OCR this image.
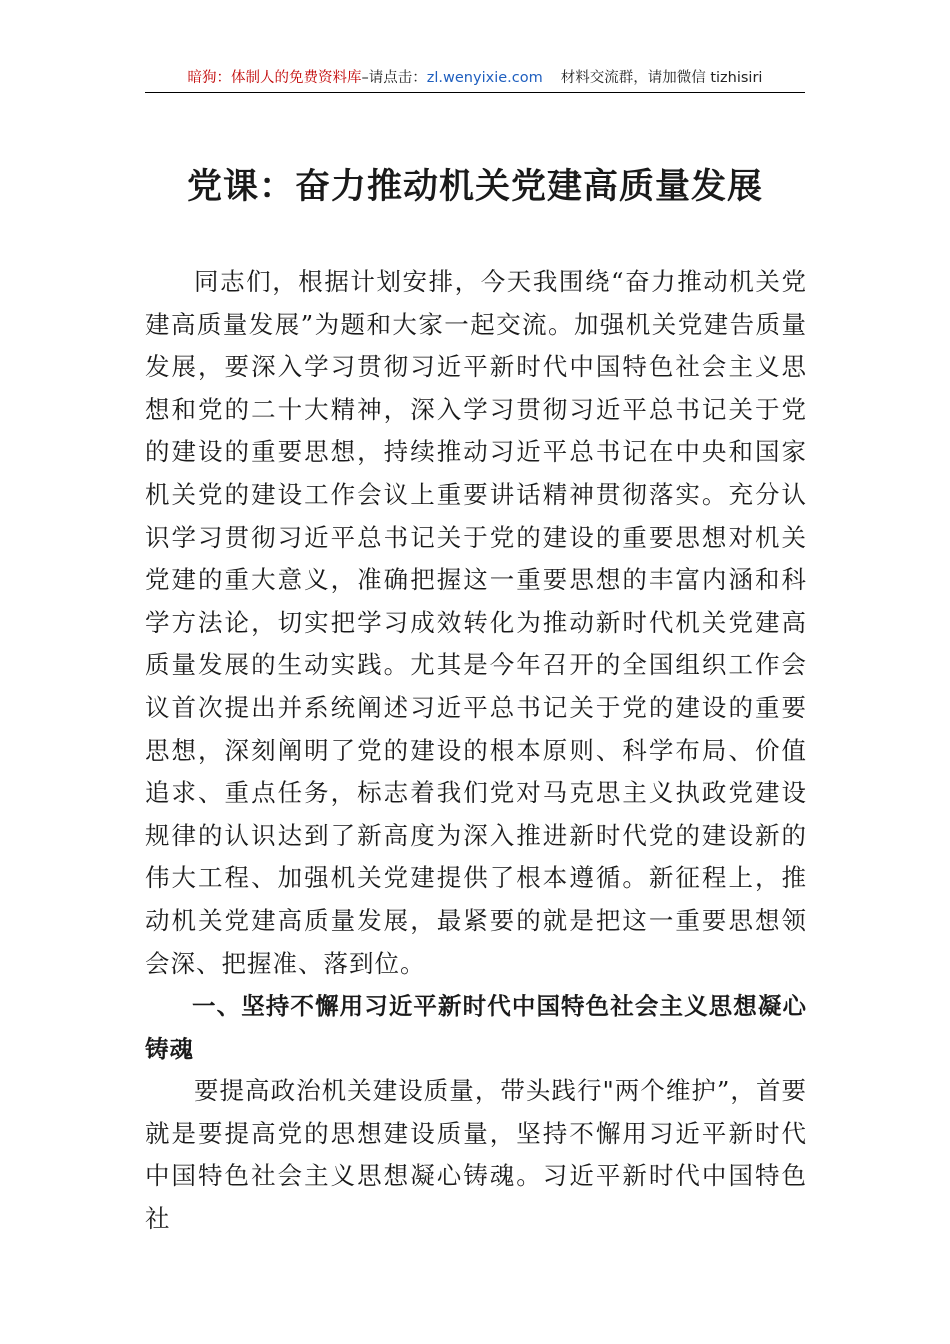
暗狗：体制人的免费资料库–请点击：zl.wenyixie.com 材料交流群，请加微信 tizhisiri
党课：奋力推动机关党建高质量发展

同志们，根据计划安排，今天我围绕“奋力推动机关党建高质量发展”为题和大家一起交流。加强机关党建告质量发展，要深入学习贯彻习近平新时代中国特色社会主义思想和党的二十大精神，深入学习贯彻习近平总书记关于党的建设的重要思想，持续推动习近平总书记在中央和国家机关党的建设工作会议上重要讲话精神贯彻落实。充分认识学习贯彻习近平总书记关于党的建设的重要思想对机关党建的重大意义，准确把握这一重要思想的丰富内涵和科学方法论，切实把学习成效转化为推动新时代机关党建高质量发展的生动实践。尤其是今年召开的全国组织工作会议首次提出并系统阐述习近平总书记关于党的建设的重要思想，深刻阐明了党的建设的根本原则、科学布局、价值追求、重点任务，标志着我们党对马克思主义执政党建设规律的认识达到了新高度为深入推进新时代党的建设新的伟大工程、加强机关党建提供了根本遵循。新征程上，推动机关党建高质量发展，最紧要的就是把这一重要思想领会深、把握准、落到位。

一、坚持不懈用习近平新时代中国特色社会主义思想凝心铸魂

要提高政治机关建设质量，带头践行"两个维护”，首要就是要提高党的思想建设质量，坚持不懈用习近平新时代中国特色社会主义思想凝心铸魂。习近平新时代中国特色社
